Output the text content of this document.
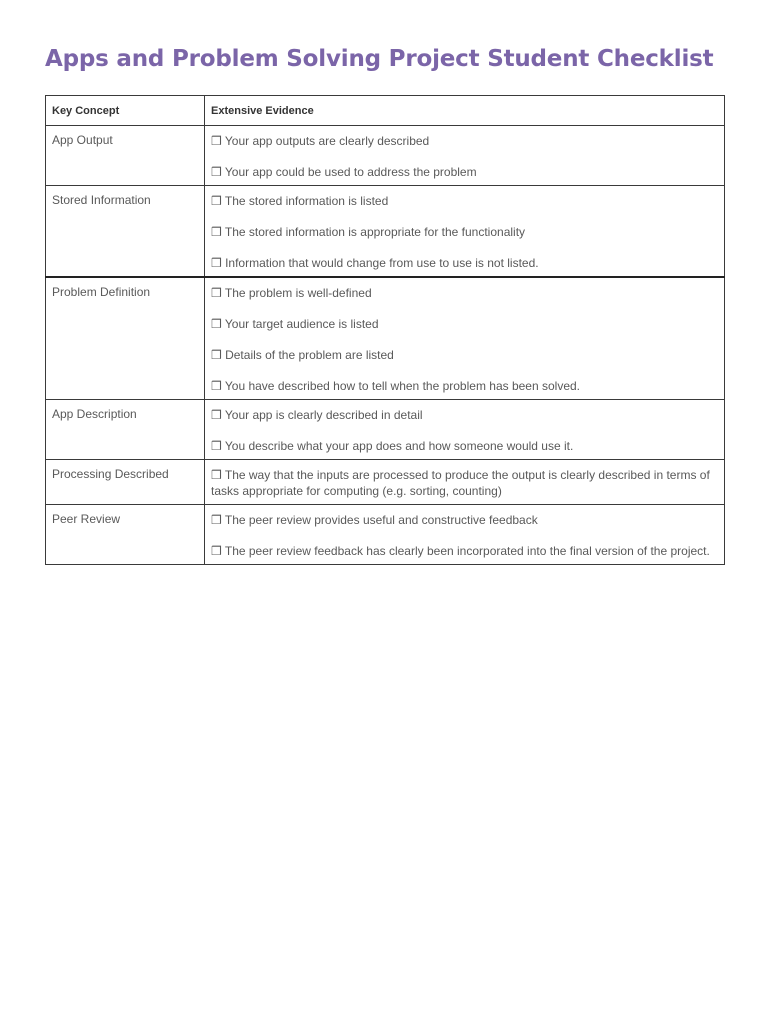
Apps and Problem Solving Project Student Checklist
Key Concept	Extensive Evidence
App Output	❒ Your app outputs are clearly described
❒ Your app could be used to address the problem

Stored Information	❒ The stored information is listed
❒ The stored information is appropriate for the functionality
❒ Information that would change from use to use is not listed.

Problem Definition	❒ The problem is well-defined
❒ Your target audience is listed
❒ Details of the problem are listed
❒ You have described how to tell when the problem has been solved.

App Description	❒ Your app is clearly described in detail
❒ You describe what your app does and how someone would use it.

Processing Described	❒ The way that the inputs are processed to produce the output is clearly described in terms of tasks appropriate for computing (e.g. sorting, counting)

Peer Review	❒ The peer review provides useful and constructive feedback
❒ The peer review feedback has clearly been incorporated into the final version of the project.
